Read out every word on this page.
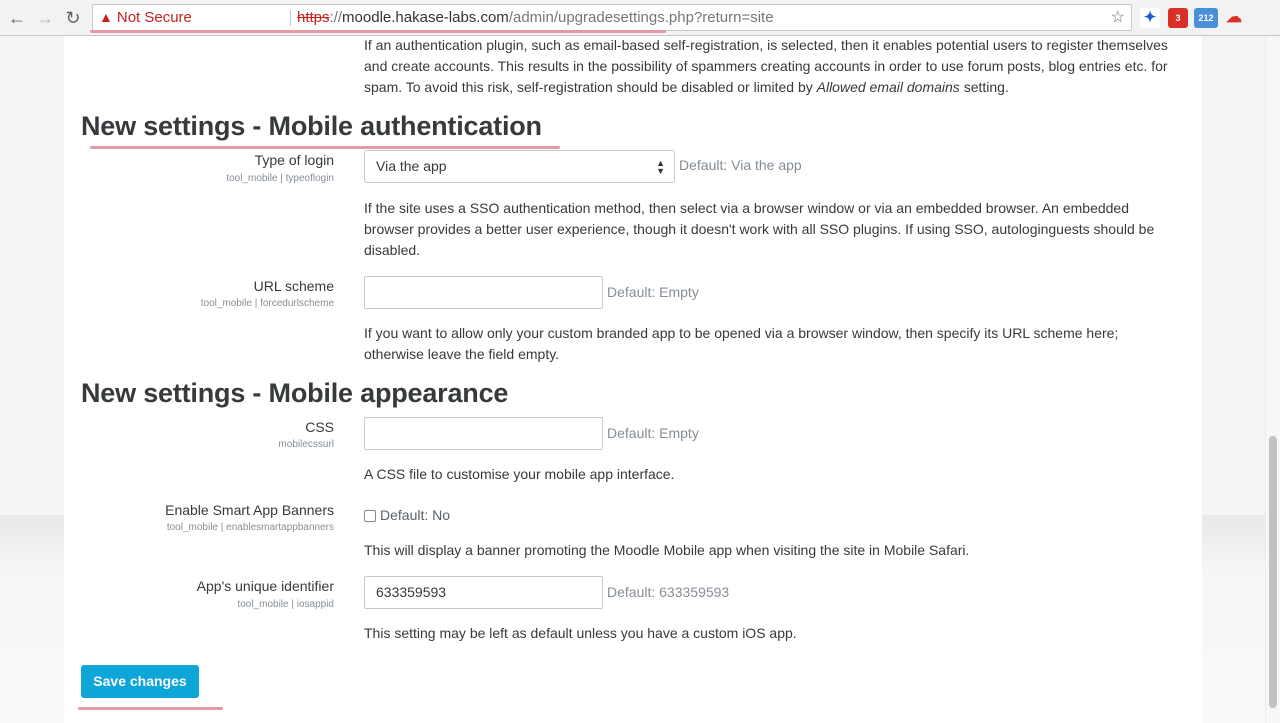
← → ↻ ▲ Not Secure	https://moodle.hakase-labs.com/admin/upgradesettings.php?return=site	☆ ✦	3	212 ☁
If an authentication plugin, such as email-based self-registration, is selected, then it enables potential users to register themselves
and create accounts. This results in the possibility of spammers creating accounts in order to use forum posts, blog entries etc. for
spam. To avoid this risk, self-registration should be disabled or limited by Allowed email domains setting.
New settings - Mobile authentication
Type of login
tool_mobile | typeoflogin
Via the app	▲
▼ Default: Via the app
If the site uses a SSO authentication method, then select via a browser window or via an embedded browser. An embedded
browser provides a better user experience, though it doesn't work with all SSO plugins. If using SSO, autologinguests should be
disabled.
URL scheme
tool_mobile | forcedurlscheme
Default: Empty
If you want to allow only your custom branded app to be opened via a browser window, then specify its URL scheme here;
otherwise leave the field empty.
New settings - Mobile appearance
CSS
mobilecssurl
Default: Empty
A CSS file to customise your mobile app interface.
Enable Smart App Banners
tool_mobile | enablesmartappbanners
Default: No
This will display a banner promoting the Moodle Mobile app when visiting the site in Mobile Safari.
App's unique identifier
tool_mobile | iosappid
633359593	Default: 633359593
This setting may be left as default unless you have a custom iOS app.
Save changes
